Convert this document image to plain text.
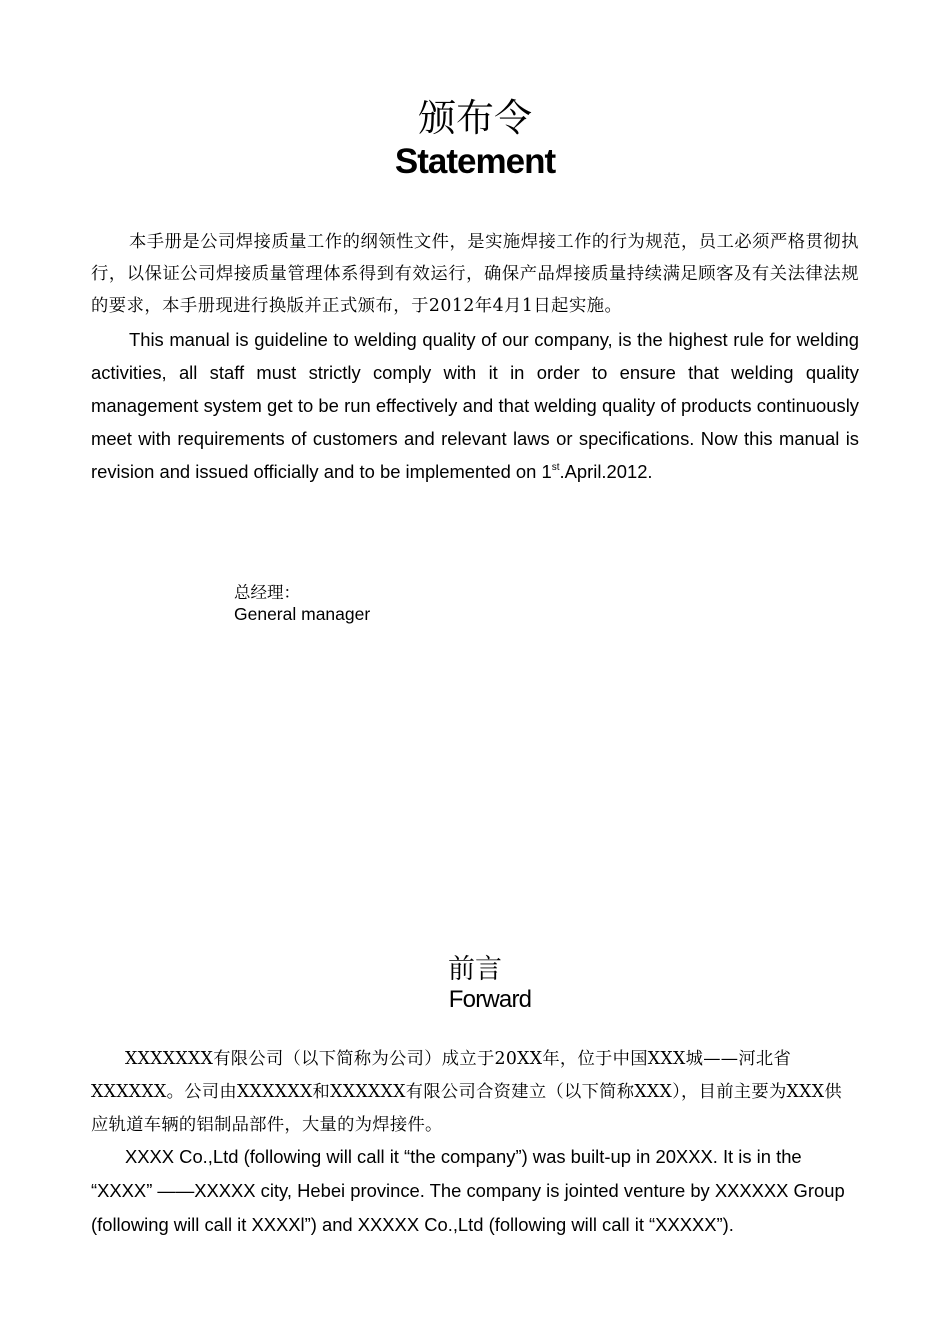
颁布令
Statement
本手册是公司焊接质量工作的纲领性文件，是实施焊接工作的行为规范，员工必须严格贯彻执行，以保证公司焊接质量管理体系得到有效运行，确保产品焊接质量持续满足顾客及有关法律法规的要求，本手册现进行换版并正式颁布，于2012年4月1日起实施。
This manual is guideline to welding quality of our company, is the highest rule for welding activities, all staff must strictly comply with it in order to ensure that welding quality management system get to be run effectively and that welding quality of products continuously meet with requirements of customers and relevant laws or specifications. Now this manual is revision and issued officially and to be implemented on 1st.April.2012.
总经理：
General manager
前言
Forward
XXXXXXX有限公司（以下简称为公司）成立于20XX年，位于中国XXX城——河北省XXXXXX。公司由XXXXXX和XXXXXX有限公司合资建立（以下简称XXX），目前主要为XXX供应轨道车辆的铝制品部件，大量的为焊接件。
XXXX Co.,Ltd (following will call it “the company”) was built-up in 20XXX. It is in the “XXXX” ——XXXXX city, Hebei province. The company is jointed venture by XXXXXX Group (following will call it XXXXl”) and XXXXX Co.,Ltd (following will call it “XXXXX”).
